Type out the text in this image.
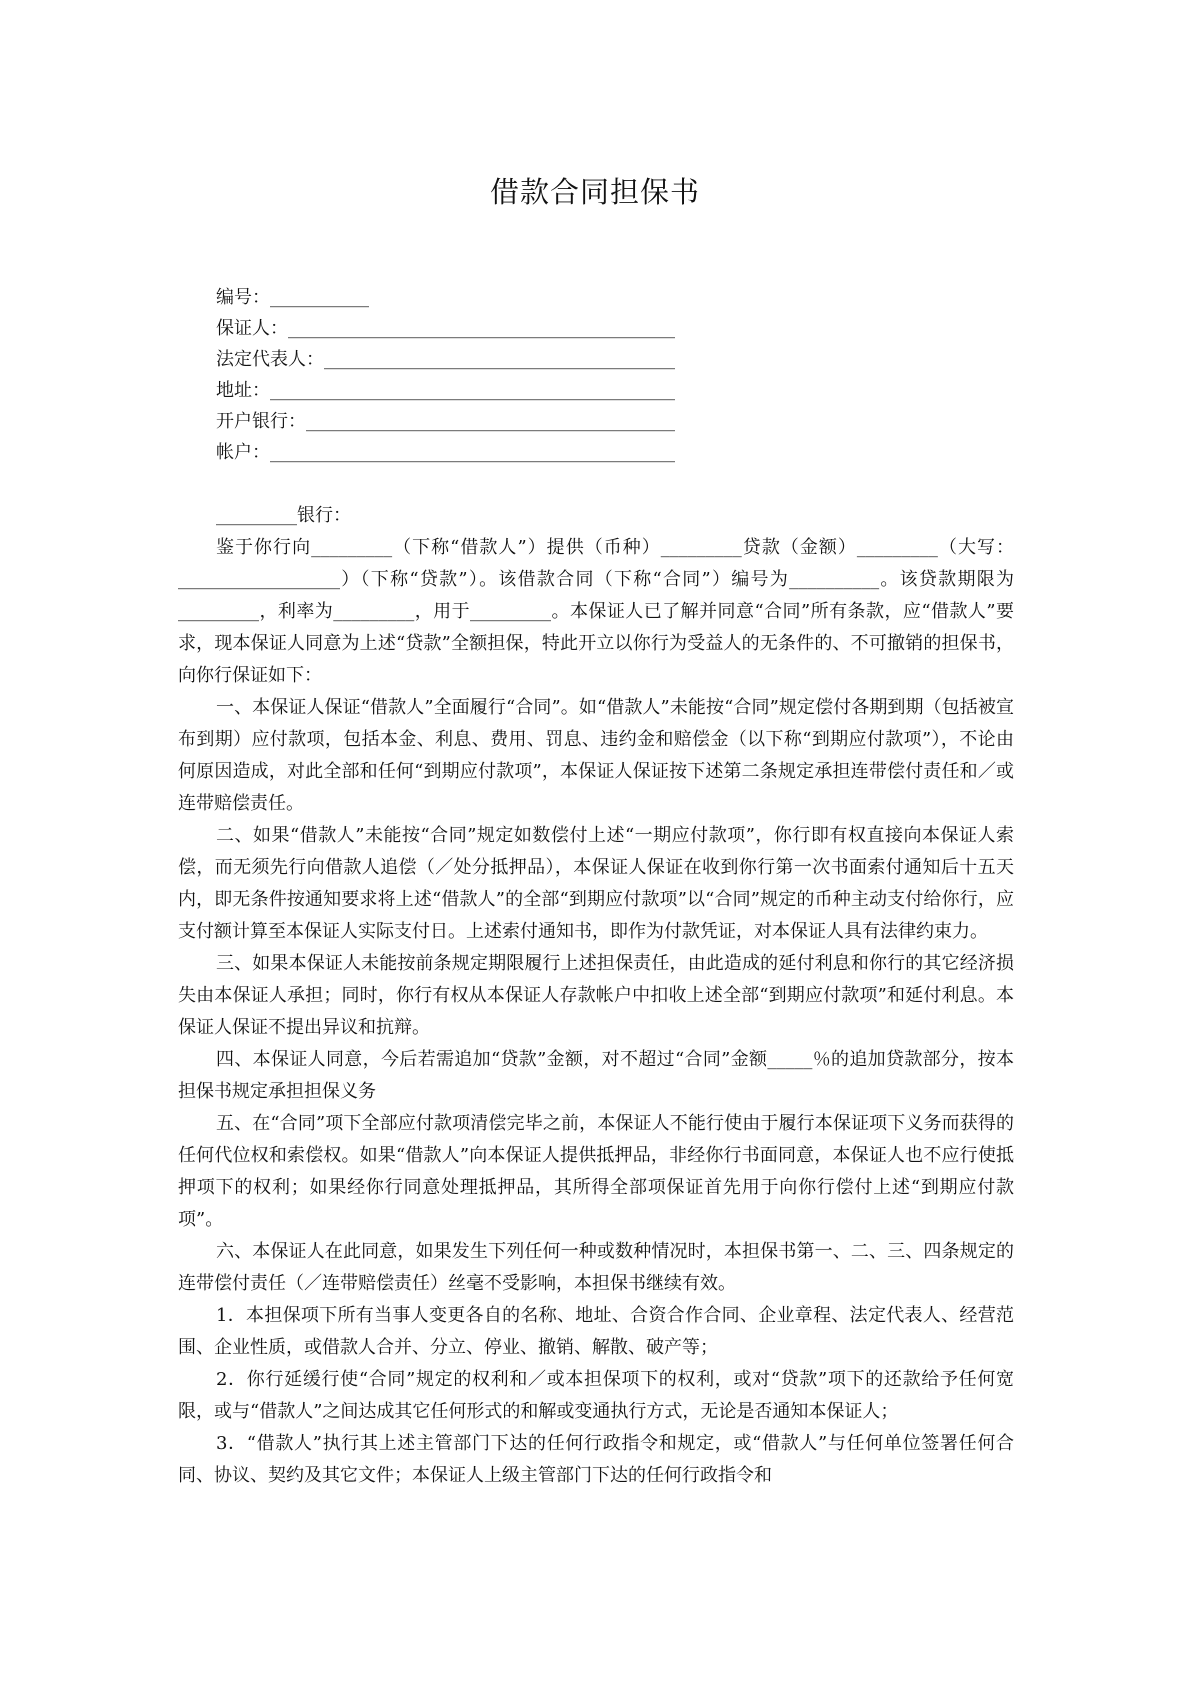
借款合同担保书
编号：___________
保证人：___________________________________________
法定代表人：_______________________________________
地址：_____________________________________________
开户银行：_________________________________________
帐户：_____________________________________________

_________银行：

鉴于你行向_________（下称“借款人”）提供（币种）_________贷款（金额）_________（大写：__________________）（下称“贷款”）。该借款合同（下称“合同”）编号为__________。该贷款期限为_________，利率为_________，用于_________。本保证人已了解并同意“合同”所有条款，应“借款人”要求，现本保证人同意为上述“贷款”全额担保，特此开立以你行为受益人的无条件的、不可撤销的担保书，向你行保证如下：

一、本保证人保证“借款人”全面履行“合同”。如“借款人”未能按“合同”规定偿付各期到期（包括被宣布到期）应付款项，包括本金、利息、费用、罚息、违约金和赔偿金（以下称“到期应付款项”），不论由何原因造成，对此全部和任何“到期应付款项”，本保证人保证按下述第二条规定承担连带偿付责任和／或连带赔偿责任。

二、如果“借款人”未能按“合同”规定如数偿付上述“一期应付款项”，你行即有权直接向本保证人索偿，而无须先行向借款人追偿（／处分抵押品），本保证人保证在收到你行第一次书面索付通知后十五天内，即无条件按通知要求将上述“借款人”的全部“到期应付款项”以“合同”规定的币种主动支付给你行，应支付额计算至本保证人实际支付日。上述索付通知书，即作为付款凭证，对本保证人具有法律约束力。

三、如果本保证人未能按前条规定期限履行上述担保责任，由此造成的延付利息和你行的其它经济损失由本保证人承担；同时，你行有权从本保证人存款帐户中扣收上述全部“到期应付款项”和延付利息。本保证人保证不提出异议和抗辩。

四、本保证人同意，今后若需追加“贷款”金额，对不超过“合同”金额_____％的追加贷款部分，按本担保书规定承担担保义务

五、在“合同”项下全部应付款项清偿完毕之前，本保证人不能行使由于履行本保证项下义务而获得的任何代位权和索偿权。如果“借款人”向本保证人提供抵押品，非经你行书面同意，本保证人也不应行使抵押项下的权利；如果经你行同意处理抵押品，其所得全部项保证首先用于向你行偿付上述“到期应付款项”。

六、本保证人在此同意，如果发生下列任何一种或数种情况时，本担保书第一、二、三、四条规定的连带偿付责任（／连带赔偿责任）丝毫不受影响，本担保书继续有效。

1．本担保项下所有当事人变更各自的名称、地址、合资合作合同、企业章程、法定代表人、经营范围、企业性质，或借款人合并、分立、停业、撤销、解散、破产等；

2．你行延缓行使“合同”规定的权利和／或本担保项下的权利，或对“贷款”项下的还款给予任何宽限，或与“借款人”之间达成其它任何形式的和解或变通执行方式，无论是否通知本保证人；

3．“借款人”执行其上述主管部门下达的任何行政指令和规定，或“借款人”与任何单位签署任何合同、协议、契约及其它文件；本保证人上级主管部门下达的任何行政指令和
